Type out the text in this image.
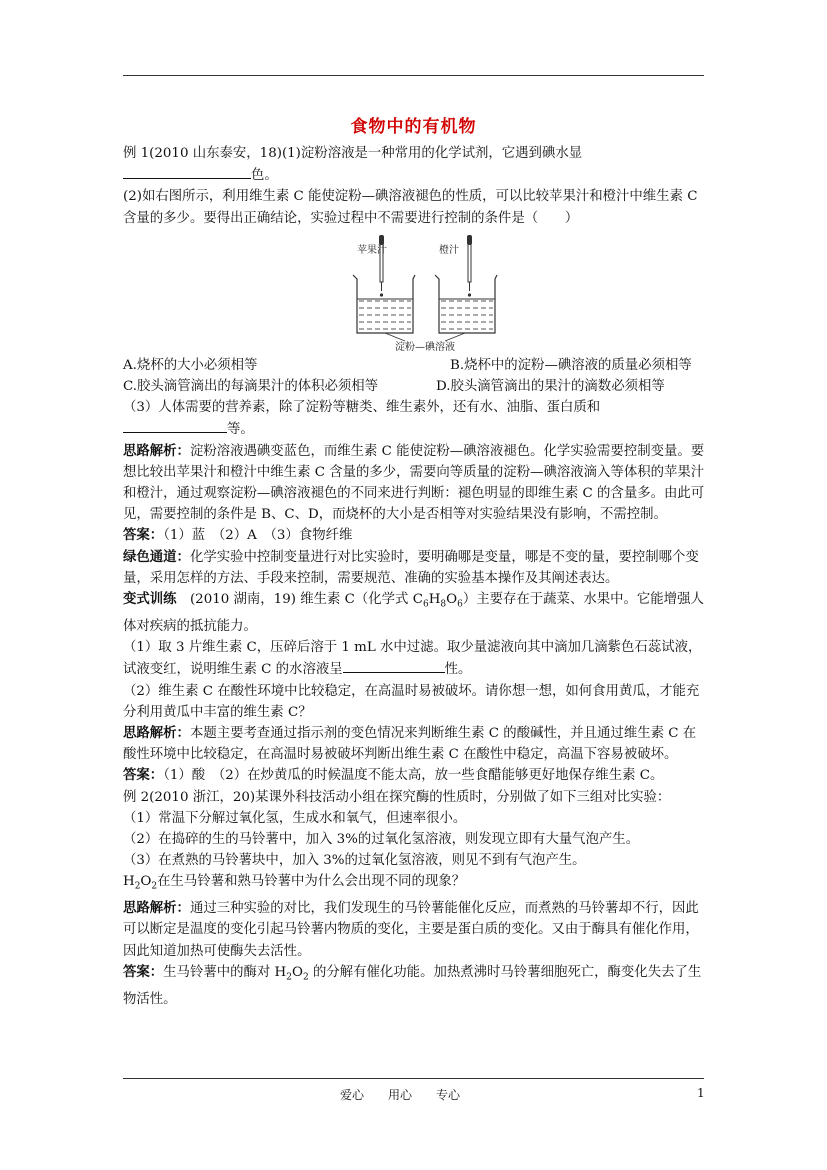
食物中的有机物

例 1(2010 山东泰安，18)(1)淀粉溶液是一种常用的化学试剂，它遇到碘水显

色。

(2)如右图所示，利用维生素 C 能使淀粉—碘溶液褪色的性质，可以比较苹果汁和橙汁中维生素 C 含量的多少。要得出正确结论，实验过程中不需要进行控制的条件是（　　）

苹果汁	橙汁
淀粉—碘溶液
A.烧杯的大小必须相等	B.烧杯中的淀粉—碘溶液的质量必须相等
C.胶头滴管滴出的每滴果汁的体积必须相等	D.胶头滴管滴出的果汁的滴数必须相等

（3）人体需要的营养素，除了淀粉等糖类、维生素外，还有水、油脂、蛋白质和

等。

思路解析：淀粉溶液遇碘变蓝色，而维生素 C 能使淀粉—碘溶液褪色。化学实验需要控制变量。要想比较出苹果汁和橙汁中维生素 C 含量的多少，需要向等质量的淀粉—碘溶液滴入等体积的苹果汁和橙汁，通过观察淀粉—碘溶液褪色的不同来进行判断：褪色明显的即维生素 C 的含量多。由此可见，需要控制的条件是 B、C、D，而烧杯的大小是否相等对实验结果没有影响，不需控制。

答案：（1）蓝　（2）A　（3）食物纤维

绿色通道：化学实验中控制变量进行对比实验时，要明确哪是变量，哪是不变的量，要控制哪个变量，采用怎样的方法、手段来控制，需要规范、准确的实验基本操作及其阐述表达。

变式训练　(2010 湖南，19) 维生素 C（化学式 $C_6H_8O_6$）主要存在于蔬菜、水果中。它能增强人体对疾病的抵抗能力。

（1）取 3 片维生素 C，压碎后溶于 1 mL 水中过滤。取少量滤液向其中滴加几滴紫色石蕊试液，试液变红，说明维生素 C 的水溶液呈	性。

（2）维生素 C 在酸性环境中比较稳定，在高温时易被破坏。请你想一想，如何食用黄瓜，才能充分利用黄瓜中丰富的维生素 C？

思路解析：本题主要考查通过指示剂的变色情况来判断维生素 C 的酸碱性，并且通过维生素 C 在酸性环境中比较稳定，在高温时易被破坏判断出维生素 C 在酸性中稳定，高温下容易被破坏。

答案：（1）酸　（2）在炒黄瓜的时候温度不能太高，放一些食醋能够更好地保存维生素 C。

例 2(2010 浙江，20)某课外科技活动小组在探究酶的性质时，分别做了如下三组对比实验：

（1）常温下分解过氧化氢，生成水和氧气，但速率很小。

（2）在捣碎的生的马铃薯中，加入 3%的过氧化氢溶液，则发现立即有大量气泡产生。

（3）在煮熟的马铃薯块中，加入 3%的过氧化氢溶液，则见不到有气泡产生。

$H_2O_2$在生马铃薯和熟马铃薯中为什么会出现不同的现象？

思路解析：通过三种实验的对比，我们发现生的马铃薯能催化反应，而煮熟的马铃薯却不行，因此可以断定是温度的变化引起马铃薯内物质的变化，主要是蛋白质的变化。又由于酶具有催化作用，因此知道加热可使酶失去活性。

答案：生马铃薯中的酶对 $H_2O_2$ 的分解有催化功能。加热煮沸时马铃薯细胞死亡，酶变化失去了生物活性。

爱心　　用心　　专心	1
